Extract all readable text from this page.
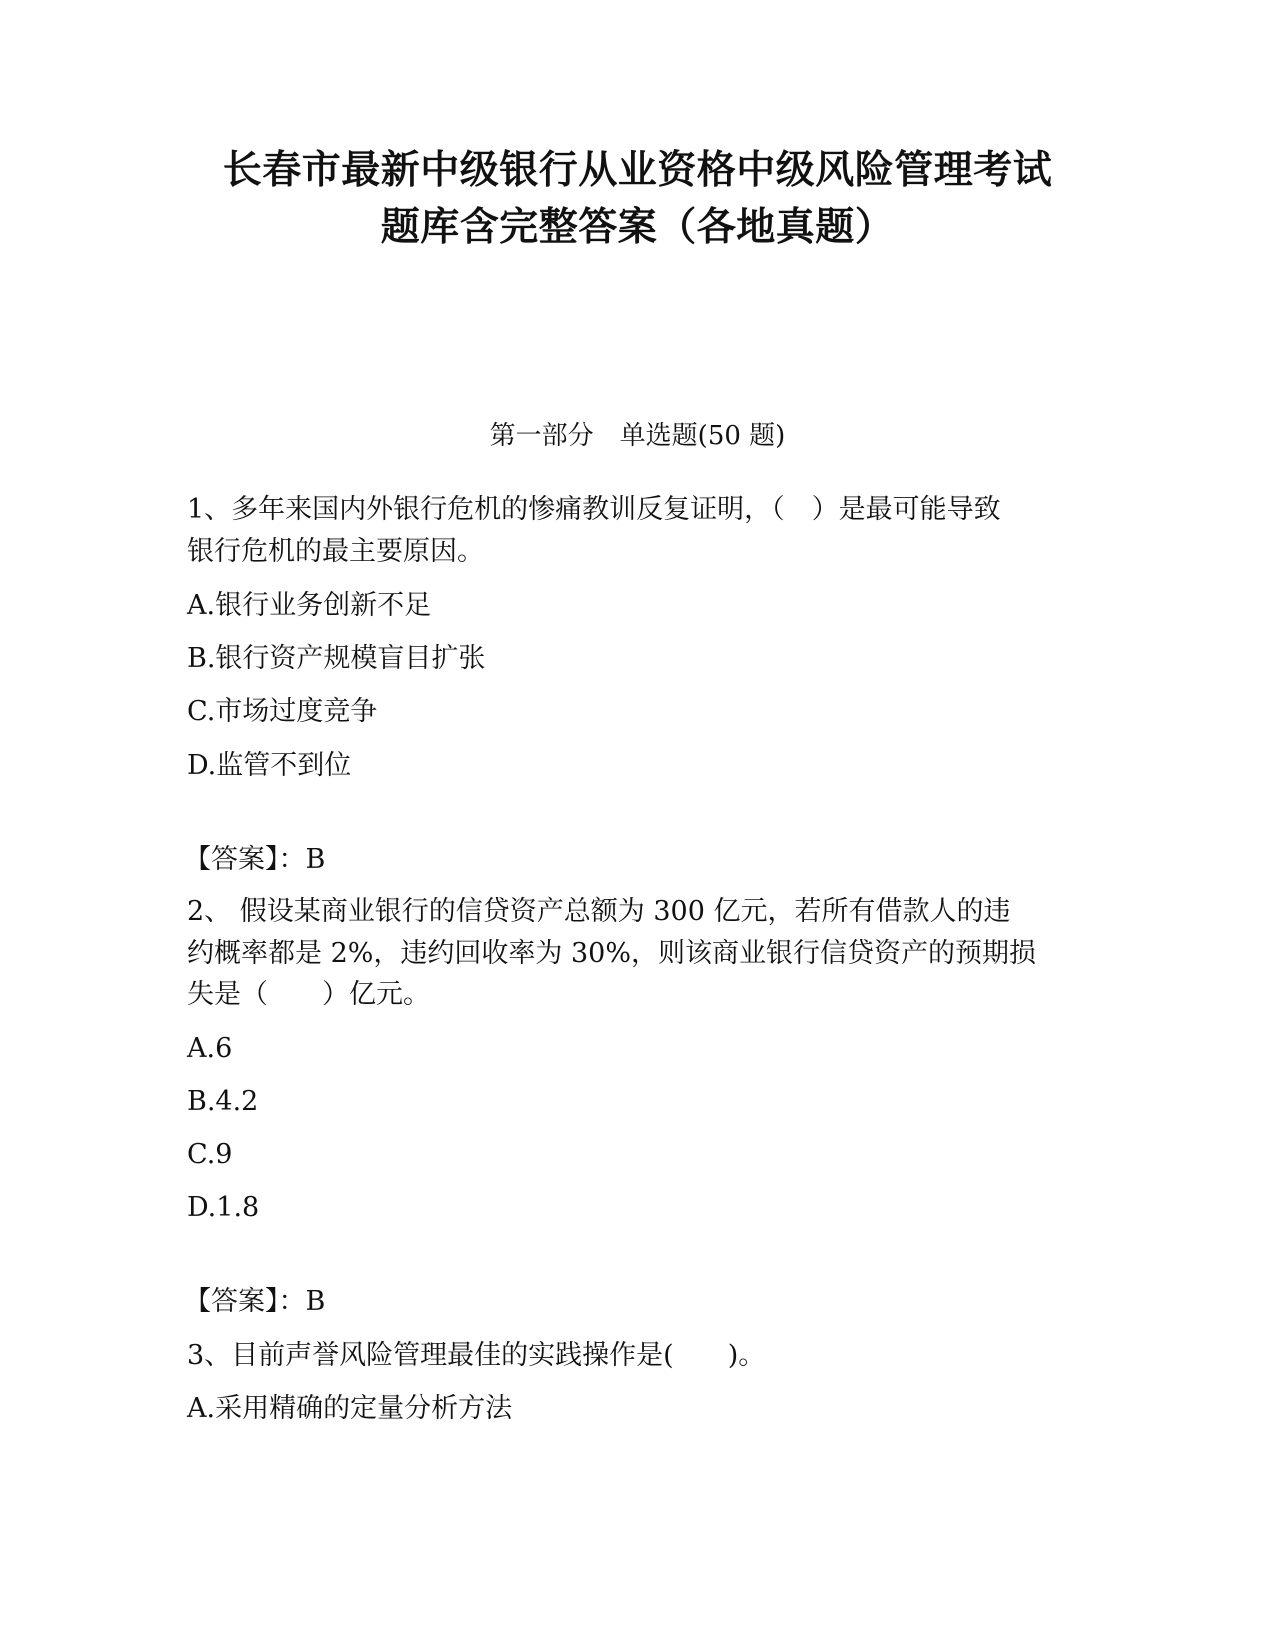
长春市最新中级银行从业资格中级风险管理考试
题库含完整答案（各地真题）
第一部分　单选题(50 题)
1、多年来国内外银行危机的惨痛教训反复证明，（　）是最可能导致
银行危机的最主要原因。
A.银行业务创新不足
B.银行资产规模盲目扩张
C.市场过度竞争
D.监管不到位
【答案】：B
2、 假设某商业银行的信贷资产总额为 300 亿元，若所有借款人的违
约概率都是 2%，违约回收率为 30%，则该商业银行信贷资产的预期损
失是（　　）亿元。
A.6
B.4.2
C.9
D.1.8
【答案】：B
3、目前声誉风险管理最佳的实践操作是(　　)。
A.采用精确的定量分析方法
